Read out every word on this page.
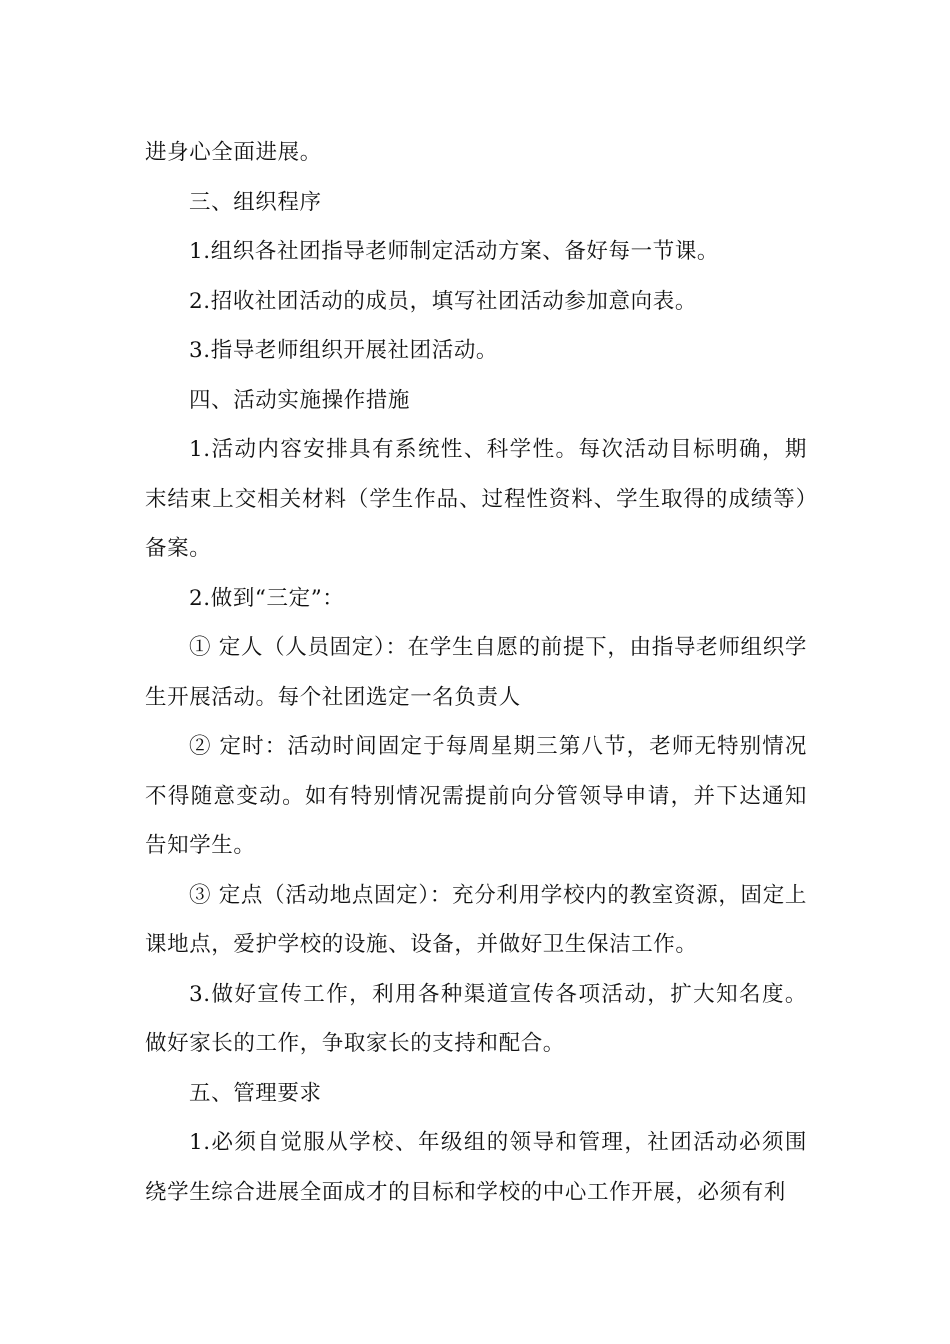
进身心全面进展。

三、组织程序

1.组织各社团指导老师制定活动方案、备好每一节课。

2.招收社团活动的成员，填写社团活动参加意向表。

3.指导老师组织开展社团活动。

四、活动实施操作措施

1.活动内容安排具有系统性、科学性。每次活动目标明确，期末结束上交相关材料（学生作品、过程性资料、学生取得的成绩等）备案。

2.做到“三定”：

① 定人（人员固定）：在学生自愿的前提下，由指导老师组织学生开展活动。每个社团选定一名负责人

② 定时：活动时间固定于每周星期三第八节，老师无特别情况不得随意变动。如有特别情况需提前向分管领导申请，并下达通知告知学生。

③ 定点（活动地点固定）：充分利用学校内的教室资源，固定上课地点，爱护学校的设施、设备，并做好卫生保洁工作。

3.做好宣传工作，利用各种渠道宣传各项活动，扩大知名度。做好家长的工作，争取家长的支持和配合。

五、管理要求

1.必须自觉服从学校、年级组的领导和管理，社团活动必须围绕学生综合进展全面成才的目标和学校的中心工作开展，必须有利
